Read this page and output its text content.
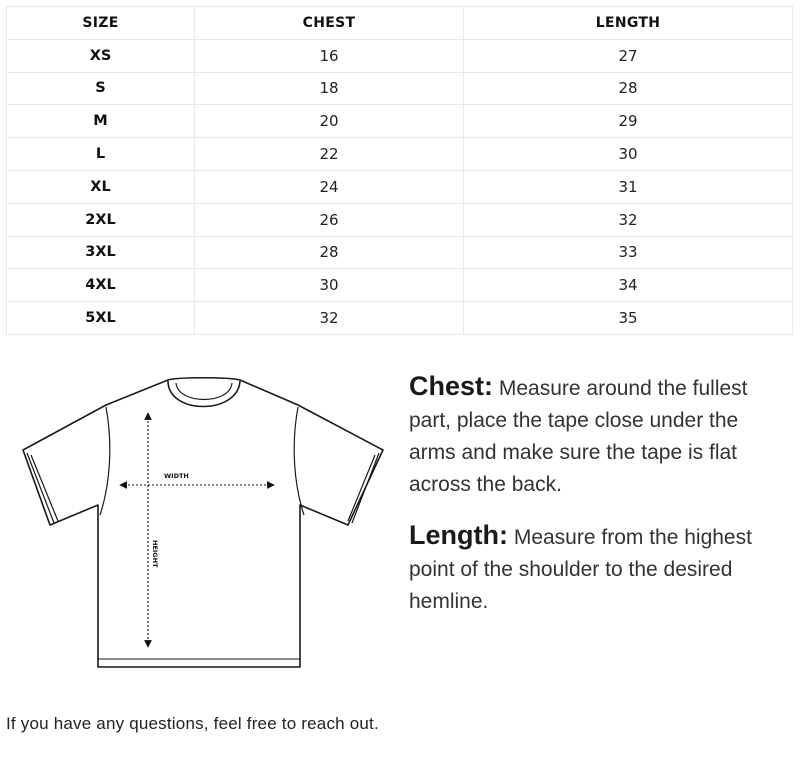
SIZE	CHEST	LENGTH
XS	16	27
S	18	28
M	20	29
L	22	30
XL	24	31
2XL	26	32
3XL	28	33
4XL	30	34
5XL	32	35
WIDTH
HEIGHT
Chest: Measure around the fullest part, place the tape close under the arms and make sure the tape is flat across the back.
Length: Measure from the highest point of the shoulder to the desired hemline.
If you have any questions, feel free to reach out.
